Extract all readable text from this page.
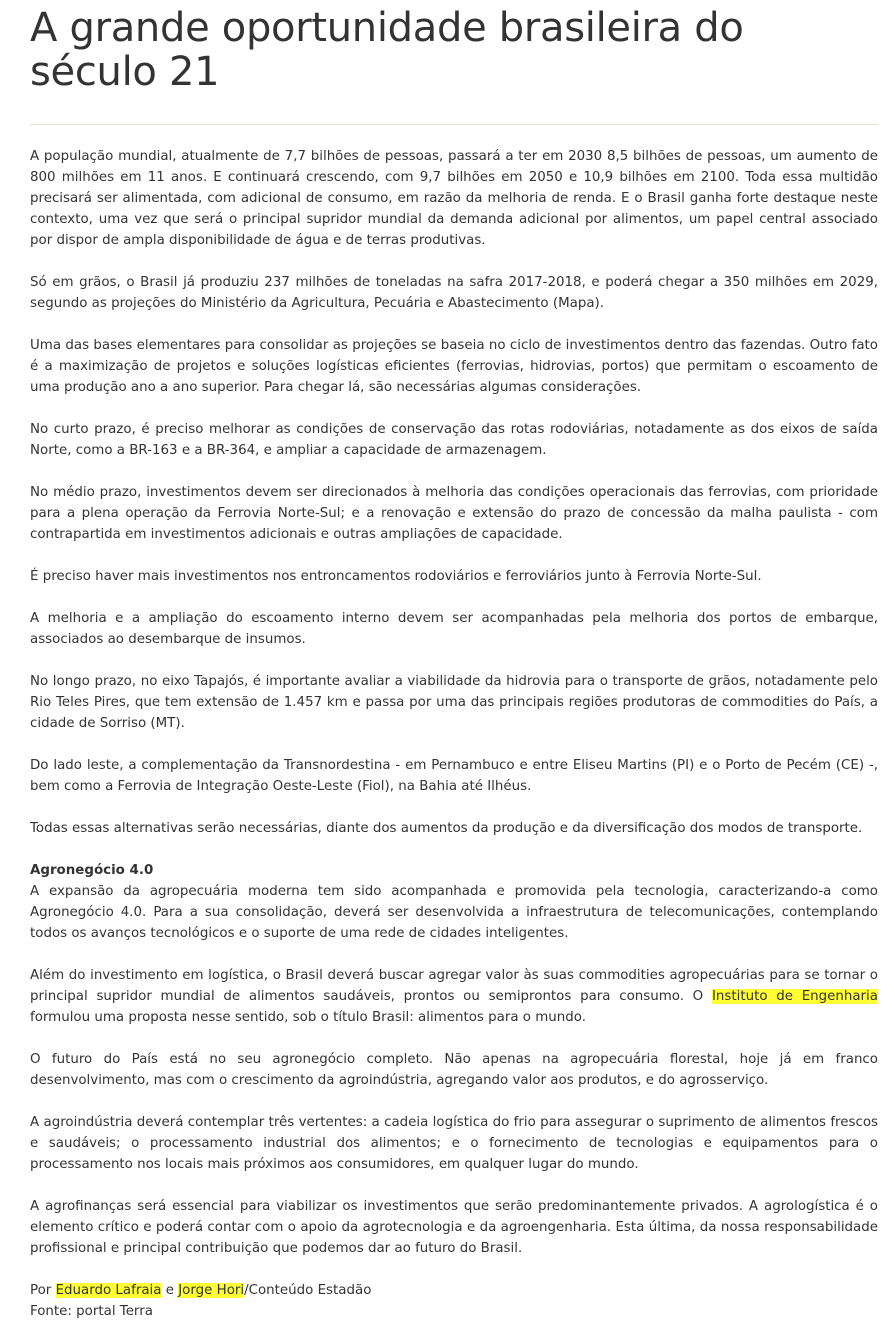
A grande oportunidade brasileira do século 21

A população mundial, atualmente de 7,7 bilhões de pessoas, passará a ter em 2030 8,5 bilhões de pessoas, um aumento de 800 milhões em 11 anos. E continuará crescendo, com 9,7 bilhões em 2050 e 10,9 bilhões em 2100. Toda essa multidão precisará ser alimentada, com adicional de consumo, em razão da melhoria de renda. E o Brasil ganha forte destaque neste contexto, uma vez que será o principal supridor mundial da demanda adicional por alimentos, um papel central associado por dispor de ampla disponibilidade de água e de terras produtivas.

Só em grãos, o Brasil já produziu 237 milhões de toneladas na safra 2017-2018, e poderá chegar a 350 milhões em 2029, segundo as projeções do Ministério da Agricultura, Pecuária e Abastecimento (Mapa).

Uma das bases elementares para consolidar as projeções se baseia no ciclo de investimentos dentro das fazendas. Outro fato é a maximização de projetos e soluções logísticas eficientes (ferrovias, hidrovias, portos) que permitam o escoamento de uma produção ano a ano superior. Para chegar lá, são necessárias algumas considerações.

No curto prazo, é preciso melhorar as condições de conservação das rotas rodoviárias, notadamente as dos eixos de saída Norte, como a BR-163 e a BR-364, e ampliar a capacidade de armazenagem.

No médio prazo, investimentos devem ser direcionados à melhoria das condições operacionais das ferrovias, com prioridade para a plena operação da Ferrovia Norte-Sul; e a renovação e extensão do prazo de concessão da malha paulista - com contrapartida em investimentos adicionais e outras ampliações de capacidade.

É preciso haver mais investimentos nos entroncamentos rodoviários e ferroviários junto à Ferrovia Norte-Sul.

A melhoria e a ampliação do escoamento interno devem ser acompanhadas pela melhoria dos portos de embarque, associados ao desembarque de insumos.

No longo prazo, no eixo Tapajós, é importante avaliar a viabilidade da hidrovia para o transporte de grãos, notadamente pelo Rio Teles Pires, que tem extensão de 1.457 km e passa por uma das principais regiões produtoras de commodities do País, a cidade de Sorriso (MT).

Do lado leste, a complementação da Transnordestina - em Pernambuco e entre Eliseu Martins (PI) e o Porto de Pecém (CE) -, bem como a Ferrovia de Integração Oeste-Leste (Fiol), na Bahia até Ilhéus.

Todas essas alternativas serão necessárias, diante dos aumentos da produção e da diversificação dos modos de transporte.

Agronegócio 4.0
A expansão da agropecuária moderna tem sido acompanhada e promovida pela tecnologia, caracterizando-a como Agronegócio 4.0. Para a sua consolidação, deverá ser desenvolvida a infraestrutura de telecomunicações, contemplando todos os avanços tecnológicos e o suporte de uma rede de cidades inteligentes.

Além do investimento em logística, o Brasil deverá buscar agregar valor às suas commodities agropecuárias para se tornar o principal supridor mundial de alimentos saudáveis, prontos ou semiprontos para consumo. O Instituto de Engenharia formulou uma proposta nesse sentido, sob o título Brasil: alimentos para o mundo.

O futuro do País está no seu agronegócio completo. Não apenas na agropecuária florestal, hoje já em franco desenvolvimento, mas com o crescimento da agroindústria, agregando valor aos produtos, e do agrosserviço.

A agroindústria deverá contemplar três vertentes: a cadeia logística do frio para assegurar o suprimento de alimentos frescos e saudáveis; o processamento industrial dos alimentos; e o fornecimento de tecnologias e equipamentos para o processamento nos locais mais próximos aos consumidores, em qualquer lugar do mundo.

A agrofinanças será essencial para viabilizar os investimentos que serão predominantemente privados. A agrologística é o elemento crítico e poderá contar com o apoio da agrotecnologia e da agroengenharia. Esta última, da nossa responsabilidade profissional e principal contribuição que podemos dar ao futuro do Brasil.

Por Eduardo Lafraia e Jorge Hori/Conteúdo Estadão

Fonte: portal Terra
